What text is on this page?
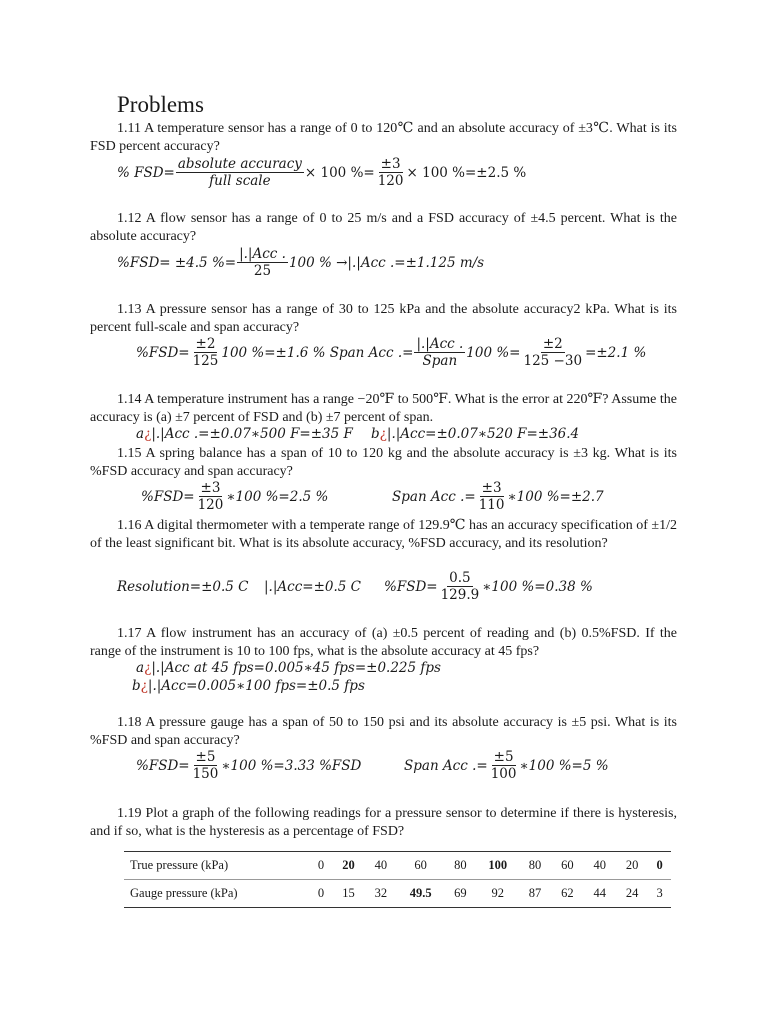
Problems

1.11 A temperature sensor has a range of 0 to 120℃ and an absolute accuracy of ±3℃. What is its FSD percent accuracy?

% $FSD= \frac{\text{absolute accuracy}}{\text{full scale}} \times 100$ %= $\frac{\pm 3}{120} \times 100$ %=±2.5 %

1.12 A flow sensor has a range of 0 to 25 m/s and a FSD accuracy of ±4.5 percent. What is the absolute accuracy?

%FSD= ±4.5 %= $\frac{\text{|.|Acc .}}{25} 100$ % →|.|Acc .=±1.125 m/s

1.13 A pressure sensor has a range of 30 to 125 kPa and the absolute accuracy2 kPa. What is its percent full-scale and span accuracy?

$\%FSD= \frac{\pm 2}{125} 100$ %=±1.6 % Span Acc .= $\frac{\text{|.|Acc .}}{\text{Span}} 100$ %= $\frac{\pm 2}{125 -30} =\pm 2.1$ %

1.14 A temperature instrument has a range −20℉ to 500℉. What is the error at 220℉? Assume the accuracy is (a) ±7 percent of FSD and (b) ±7 percent of span.

a ¿ |.|Acc .=±0.07∗500 F=±35 F b ¿ |.|Acc=±0.07∗520 F=±36.4

1.15 A spring balance has a span of 10 to 120 kg and the absolute accuracy is ±3 kg. What is its %FSD accuracy and span accuracy?

$\%FSD= \frac{\pm 3}{120}$ ∗100 %=2.5 %	Span Acc .= $\frac{\pm 3}{110}$ ∗100 %=±2.7

1.16 A digital thermometer with a temperate range of 129.9℃ has an accuracy specification of ±1/2 of the least significant bit. What is its absolute accuracy, %FSD accuracy, and its resolution?

Resolution=±0.5 C |.|Acc=±0.5 C $\%FSD= \frac{0.5}{129.9}$ ∗100 %=0.38 %

1.17 A flow instrument has an accuracy of (a) ±0.5 percent of reading and (b) 0.5%FSD. If the range of the instrument is 10 to 100 fps, what is the absolute accuracy at 45 fps?

a ¿ |.|Acc at 45 fps=0.005∗45 fps=±0.225 fps
b ¿ |.|Acc=0.005∗100 fps=±0.5 fps

1.18 A pressure gauge has a span of 50 to 150 psi and its absolute accuracy is ±5 psi. What is its %FSD and span accuracy?

$\%FSD= \frac{\pm 5}{150}$ ∗100 %=3.33 %FSD	Span Acc .= $\frac{\pm 5}{100}$ ∗100 %=5 %

1.19 Plot a graph of the following readings for a pressure sensor to determine if there is hysteresis, and if so, what is the hysteresis as a percentage of FSD?

True pressure (kPa)	0	20	40	60	80	100	80	60	40	20	0
Gauge pressure (kPa)	0	15	32	49.5	69	92	87	62	44	24	3
